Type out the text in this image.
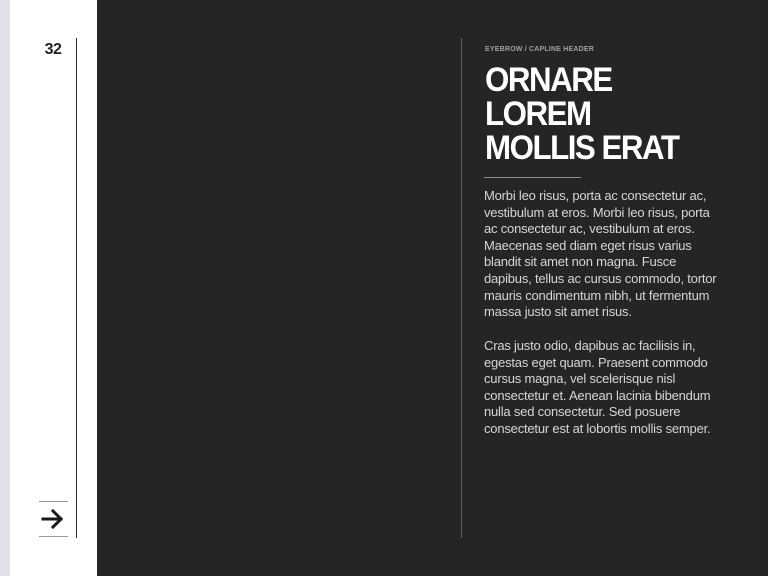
32	EYEBROW / CAPLINE HEADER
ORNARE LOREM
MOLLIS ERAT

Morbi leo risus, porta ac consectetur ac, vestibulum at eros. Morbi leo risus, porta ac consectetur ac, vestibulum at eros. Maecenas sed diam eget risus varius blandit sit amet non magna. Fusce dapibus, tellus ac cursus commodo, tortor mauris condimentum nibh, ut fermentum massa justo sit amet risus.

Cras justo odio, dapibus ac facilisis in, egestas eget quam. Praesent commodo cursus magna, vel scelerisque nisl consectetur et. Aenean lacinia bibendum nulla sed consectetur. Sed posuere consectetur est at lobortis mollis semper.
